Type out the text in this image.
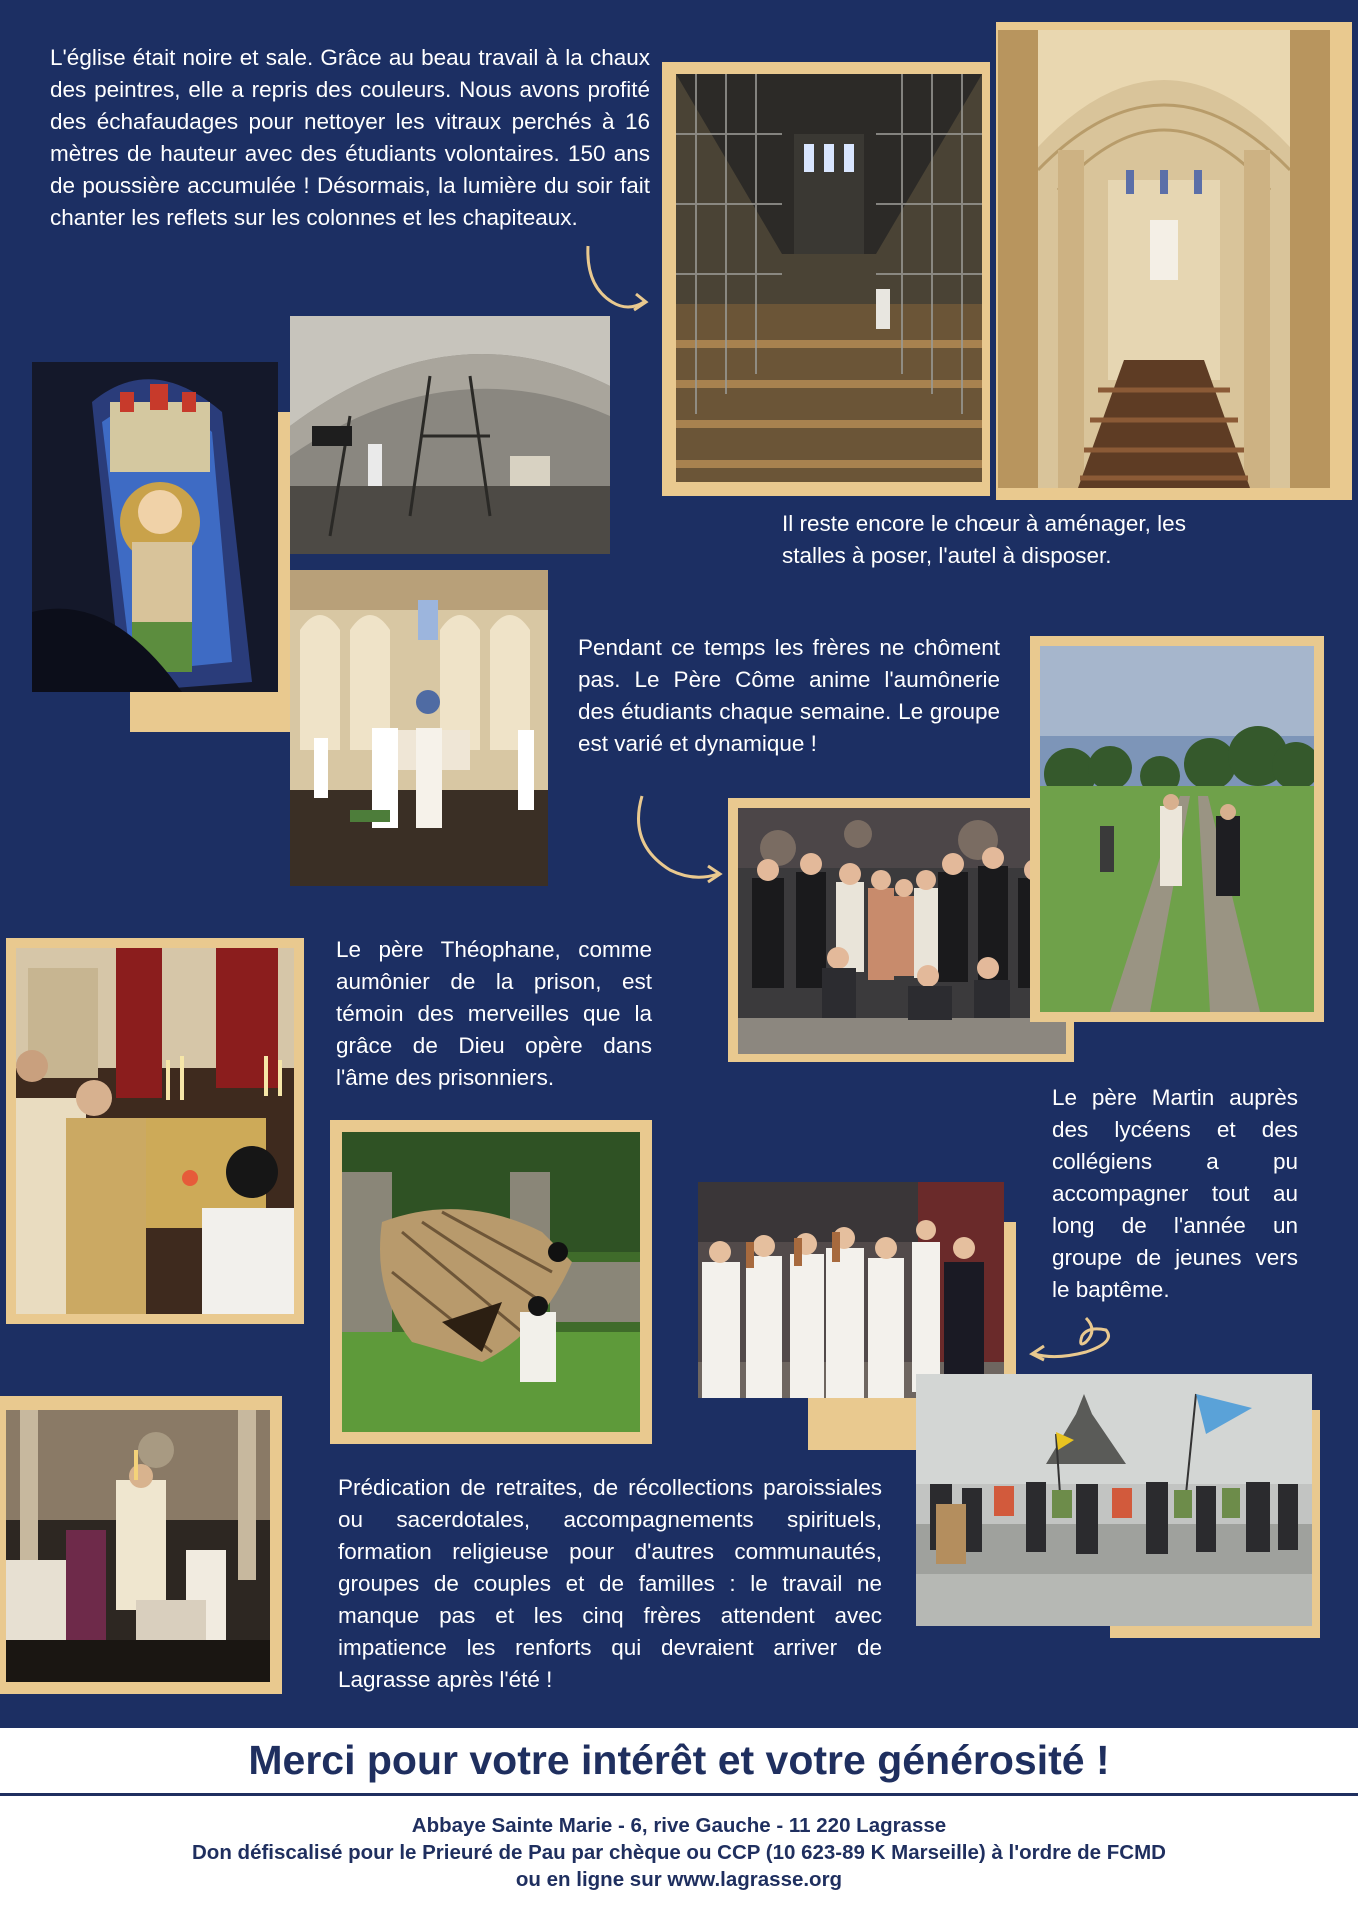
L'église était noire et sale. Grâce au beau travail à la chaux des peintres, elle a repris des couleurs. Nous avons profité des échafaudages pour nettoyer les vitraux perchés à 16 mètres de hauteur avec des étudiants volontaires. 150 ans de poussière accumulée ! Désormais, la lumière du soir fait chanter les reflets sur les colonnes et les chapiteaux.

Il reste encore le chœur à aménager, les stalles à poser, l'autel à disposer.

Pendant ce temps les frères ne chôment pas. Le Père Côme anime l'aumônerie des étudiants chaque semaine. Le groupe est varié et dynamique !

Le père Théophane, comme aumônier de la prison, est témoin des merveilles que la grâce de Dieu opère dans l'âme des prisonniers.

Le père Martin auprès des lycéens et des collégiens a pu accompagner tout au long de l'année un groupe de jeunes vers le baptême.

Prédication de retraites, de récollections paroissiales ou sacerdotales, accompagnements spirituels, formation religieuse pour d'autres communautés, groupes de couples et de familles : le travail ne manque pas et les cinq frères attendent avec impatience les renforts qui devraient arriver de Lagrasse après l'été !

Merci pour votre intérêt et votre générosité !

Abbaye Sainte Marie - 6, rive Gauche - 11 220 Lagrasse
Don défiscalisé pour le Prieuré de Pau par chèque ou CCP (10 623-89 K Marseille) à l'ordre de FCMD
ou en ligne sur www.lagrasse.org
